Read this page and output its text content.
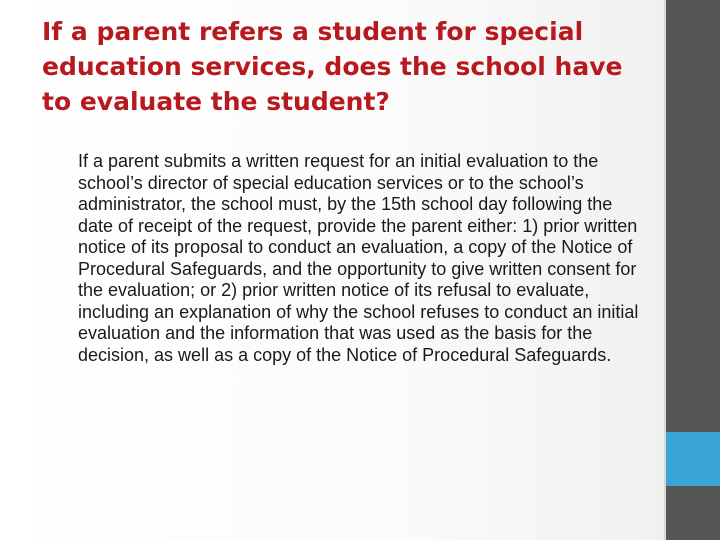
If a parent refers a student for special education services, does the school have to evaluate the student?

If a parent submits a written request for an initial evaluation to the school’s director of special education services or to the school’s administrator, the school must, by the 15th school day following the date of receipt of the request, provide the parent either: 1) prior written notice of its proposal to conduct an evaluation, a copy of the Notice of Procedural Safeguards, and the opportunity to give written consent for the evaluation; or 2) prior written notice of its refusal to evaluate, including an explanation of why the school refuses to conduct an initial evaluation and the information that was used as the basis for the decision, as well as a copy of the Notice of Procedural Safeguards.
